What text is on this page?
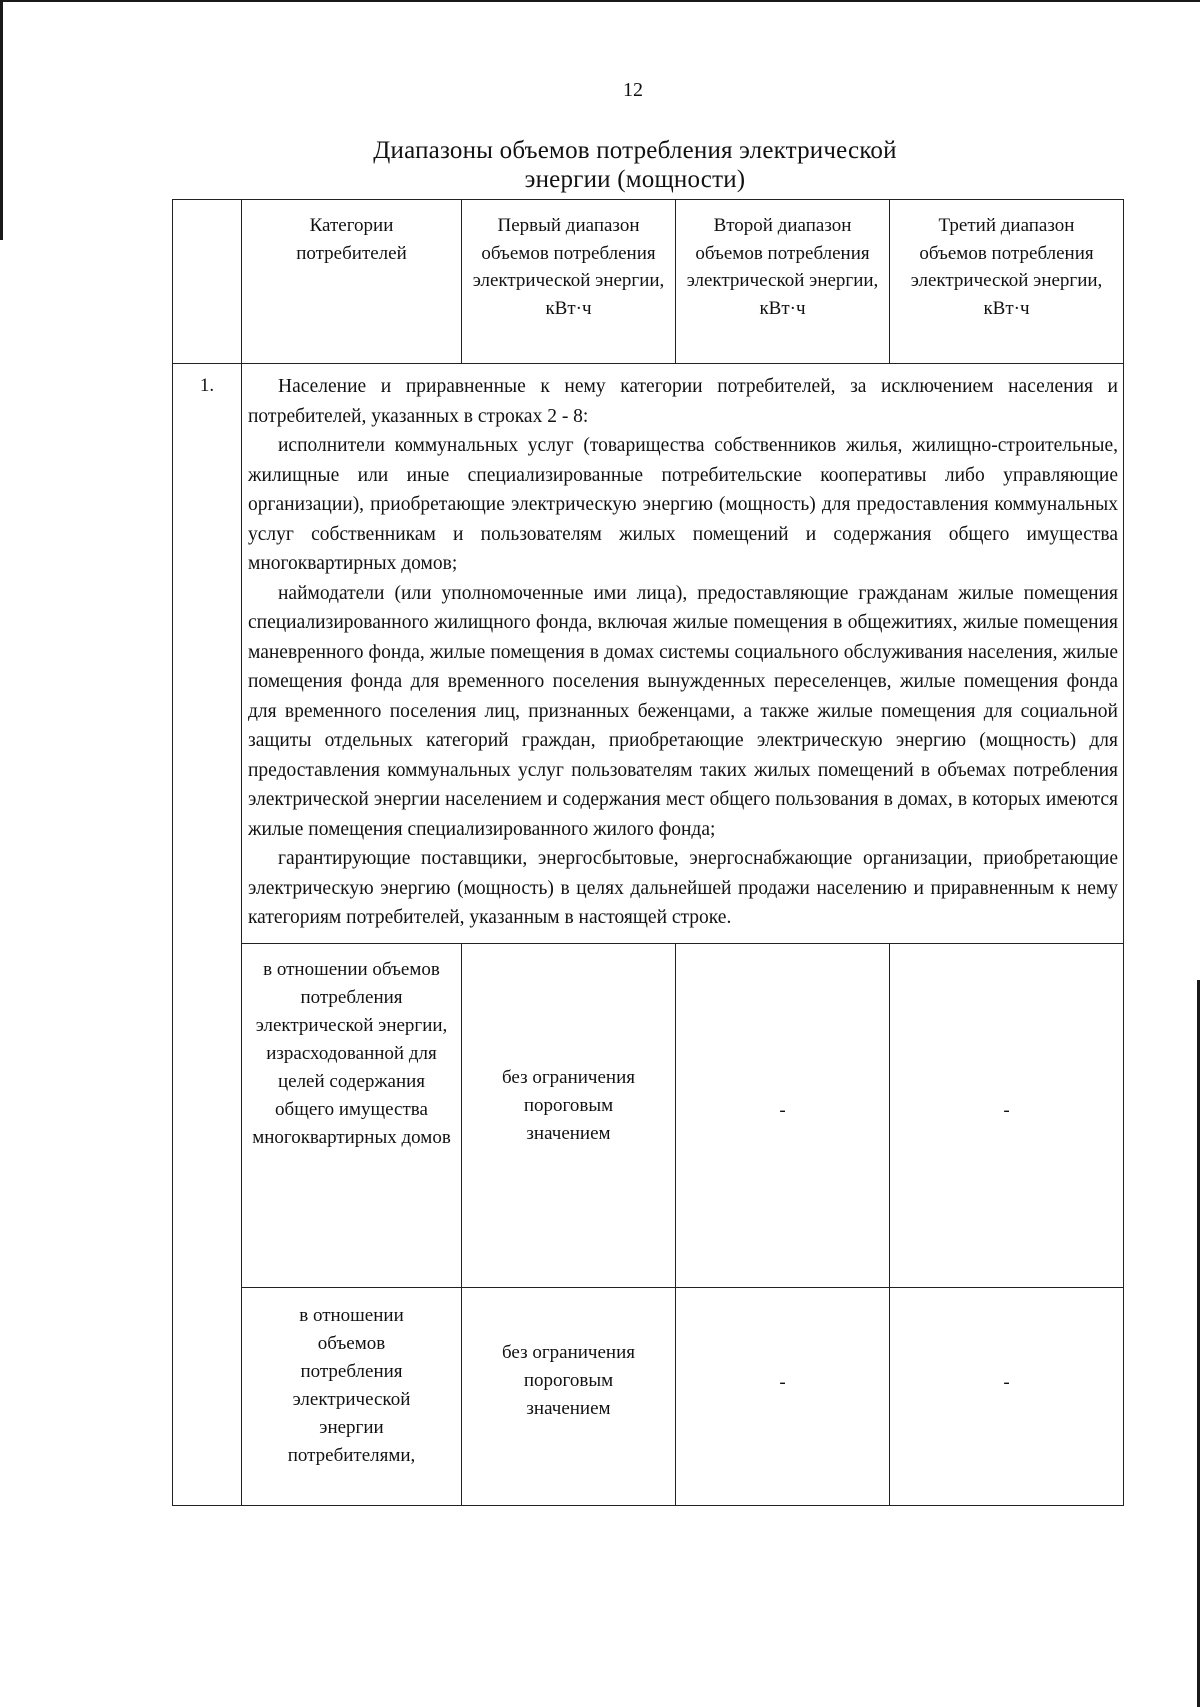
12
Диапазоны объемов потребления электрической
энергии (мощности)

	Категории потребителей	Первый диапазон объемов потребления электрической энергии, кВт·ч	Второй диапазон объемов потребления электрической энергии, кВт·ч	Третий диапазон объемов потребления электрической энергии, кВт·ч

1.	Население и приравненные к нему категории потребителей, за исключением населения и потребителей, указанных в строках 2 - 8:

исполнители коммунальных услуг (товарищества собственников жилья, жилищно-строительные, жилищные или иные специализированные потребительские кооперативы либо управляющие организации), приобретающие электрическую энергию (мощность) для предоставления коммунальных услуг собственникам и пользователям жилых помещений и содержания общего имущества многоквартирных домов;

наймодатели (или уполномоченные ими лица), предоставляющие гражданам жилые помещения специализированного жилищного фонда, включая жилые помещения в общежитиях, жилые помещения маневренного фонда, жилые помещения в домах системы социального обслуживания населения, жилые помещения фонда для временного поселения вынужденных переселенцев, жилые помещения фонда для временного поселения лиц, признанных беженцами, а также жилые помещения для социальной защиты отдельных категорий граждан, приобретающие электрическую энергию (мощность) для предоставления коммунальных услуг пользователям таких жилых помещений в объемах потребления электрической энергии населением и содержания мест общего пользования в домах, в которых имеются жилые помещения специализированного жилого фонда;

гарантирующие поставщики, энергосбытовые, энергоснабжающие организации, приобретающие электрическую энергию (мощность) в целях дальнейшей продажи населению и приравненным к нему категориям потребителей, указанным в настоящей строке.			

	в отношении объемов потребления электрической энергии, израсходованной для целей содержания общего имущества многоквартирных домов	без ограничения пороговым значением	-	-
	в отношении объемов потребления электрической энергии потребителями,	без ограничения пороговым значением	-	-
